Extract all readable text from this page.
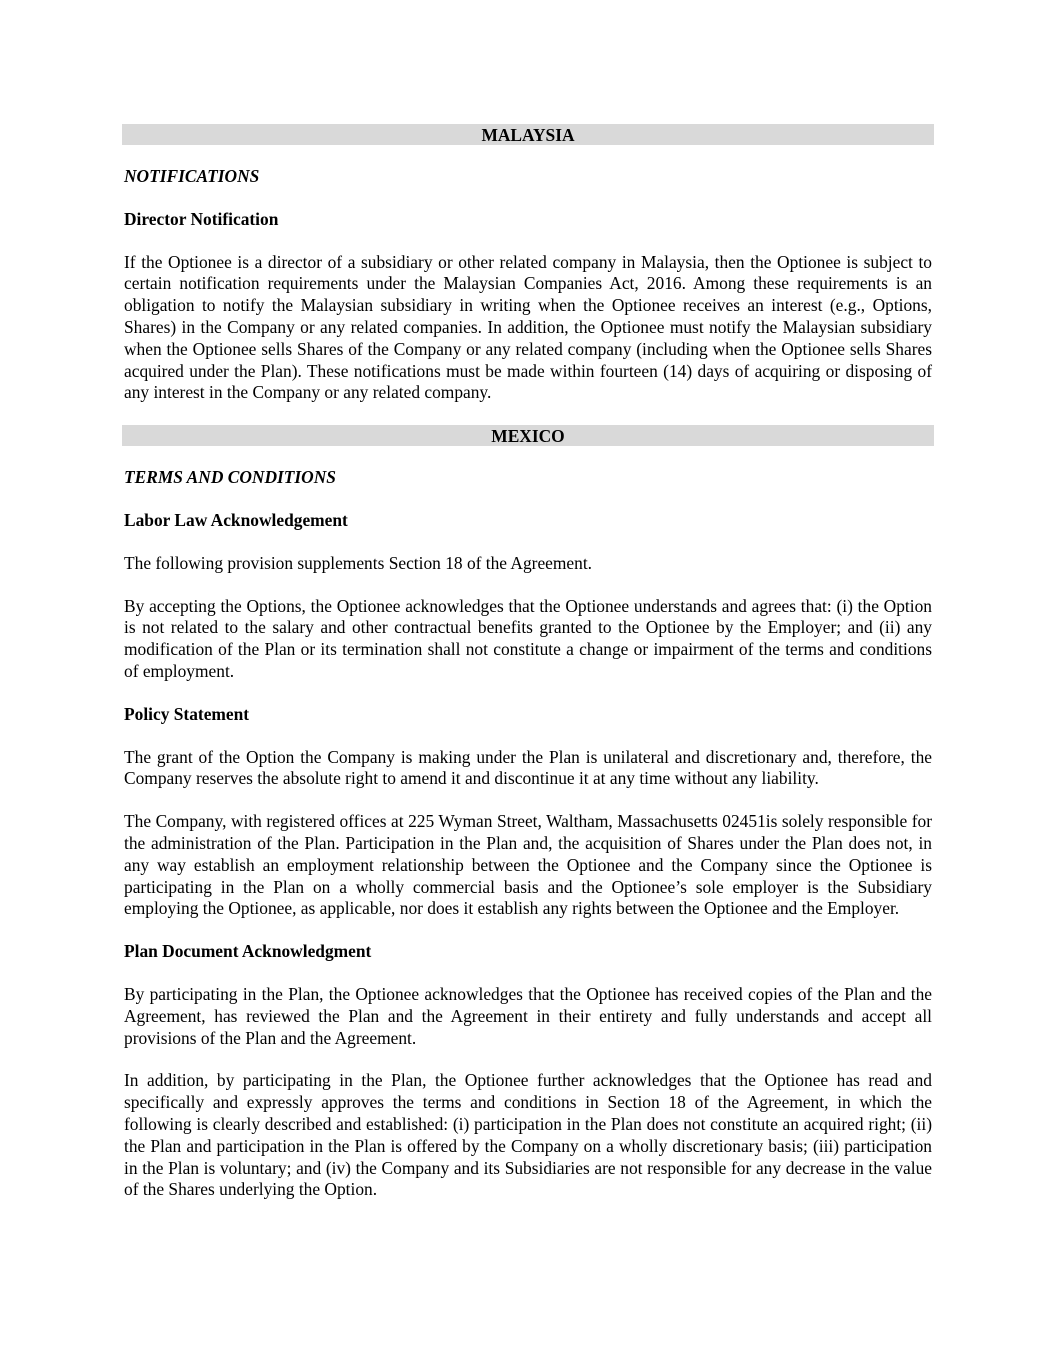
MALAYSIA
NOTIFICATIONS
Director Notification

If the Optionee is a director of a subsidiary or other related company in Malaysia, then the Optionee is subject to certain notification requirements under the Malaysian Companies Act, 2016. Among these requirements is an obligation to notify the Malaysian subsidiary in writing when the Optionee receives an interest (e.g., Options, Shares) in the Company or any related companies. In addition, the Optionee must notify the Malaysian subsidiary when the Optionee sells Shares of the Company or any related company (including when the Optionee sells Shares acquired under the Plan). These notifications must be made within fourteen (14) days of acquiring or disposing of any interest in the Company or any related company.

MEXICO
TERMS AND CONDITIONS
Labor Law Acknowledgement

The following provision supplements Section 18 of the Agreement.

By accepting the Options, the Optionee acknowledges that the Optionee understands and agrees that: (i) the Option is not related to the salary and other contractual benefits granted to the Optionee by the Employer; and (ii) any modification of the Plan or its termination shall not constitute a change or impairment of the terms and conditions of employment.

Policy Statement

The grant of the Option the Company is making under the Plan is unilateral and discretionary and, therefore, the Company reserves the absolute right to amend it and discontinue it at any time without any liability.

The Company, with registered offices at 225 Wyman Street, Waltham, Massachusetts 02451is solely responsible for the administration of the Plan. Participation in the Plan and, the acquisition of Shares under the Plan does not, in any way establish an employment relationship between the Optionee and the Company since the Optionee is participating in the Plan on a wholly commercial basis and the Optionee’s sole employer is the Subsidiary employing the Optionee, as applicable, nor does it establish any rights between the Optionee and the Employer.

Plan Document Acknowledgment

By participating in the Plan, the Optionee acknowledges that the Optionee has received copies of the Plan and the Agreement, has reviewed the Plan and the Agreement in their entirety and fully understands and accept all provisions of the Plan and the Agreement.

In addition, by participating in the Plan, the Optionee further acknowledges that the Optionee has read and specifically and expressly approves the terms and conditions in Section 18 of the Agreement, in which the following is clearly described and established: (i) participation in the Plan does not constitute an acquired right; (ii) the Plan and participation in the Plan is offered by the Company on a wholly discretionary basis; (iii) participation in the Plan is voluntary; and (iv) the Company and its Subsidiaries are not responsible for any decrease in the value of the Shares underlying the Option.
